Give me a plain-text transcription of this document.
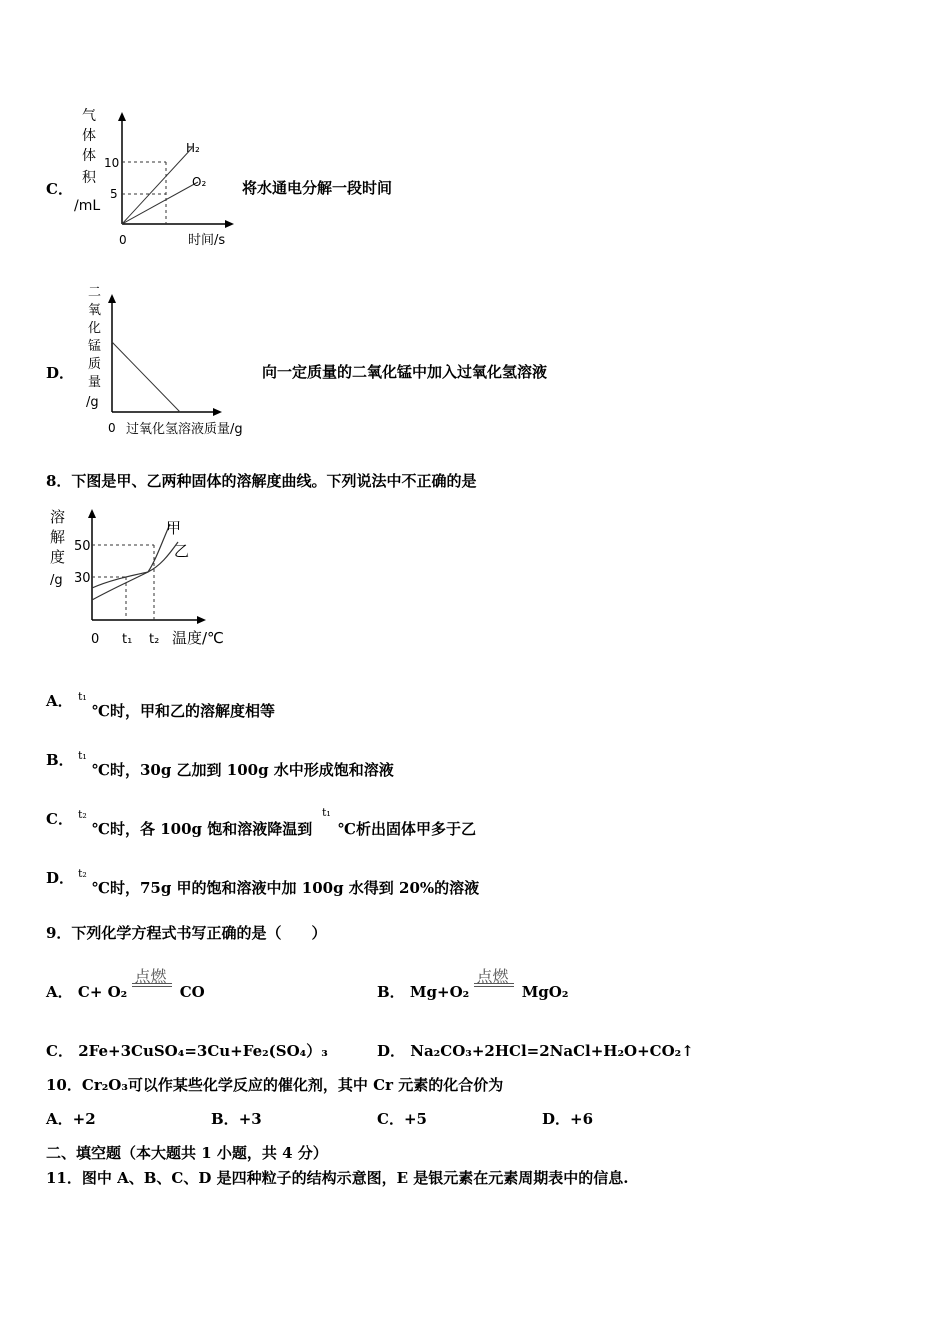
C．
气
体
体
积
/mL
10
5
H₂
O₂
0	时间/s
将水通电分解一段时间
D．
二
氧
化
锰
质
量
/g
0 过氧化氢溶液质量/g
向一定质量的二氧化锰中加入过氧化氢溶液
8．下图是甲、乙两种固体的溶解度曲线。下列说法中不正确的是
溶
解
度
/g
50
30
甲
乙
0 t₁ t₂ 温度/℃
A． t₁
℃时，甲和乙的溶解度相等
B． t₁
℃时，30g 乙加到 100g 水中形成饱和溶液
C． t₂
℃时，各 100g 饱和溶液降温到
t₁
℃析出固体甲多于乙
D． t₂
℃时，75g 甲的饱和溶液中加 100g 水得到 20%的溶液
9．下列化学方程式书写正确的是（　　）
A． C+ O₂
点燃
CO	B． Mg+O₂
点燃
MgO₂
C． 2Fe+3CuSO₄=3Cu+Fe₂(SO₄）₃	D． Na₂CO₃+2HCl=2NaCl+H₂O+CO₂↑
10．Cr₂O₃可以作某些化学反应的催化剂，其中 Cr 元素的化合价为
A．+2	B．+3	C．+5	D．+6
二、填空题（本大题共 1 小题，共 4 分）
11．图中 A、B、C、D 是四种粒子的结构示意图，E 是银元素在元素周期表中的信息.
